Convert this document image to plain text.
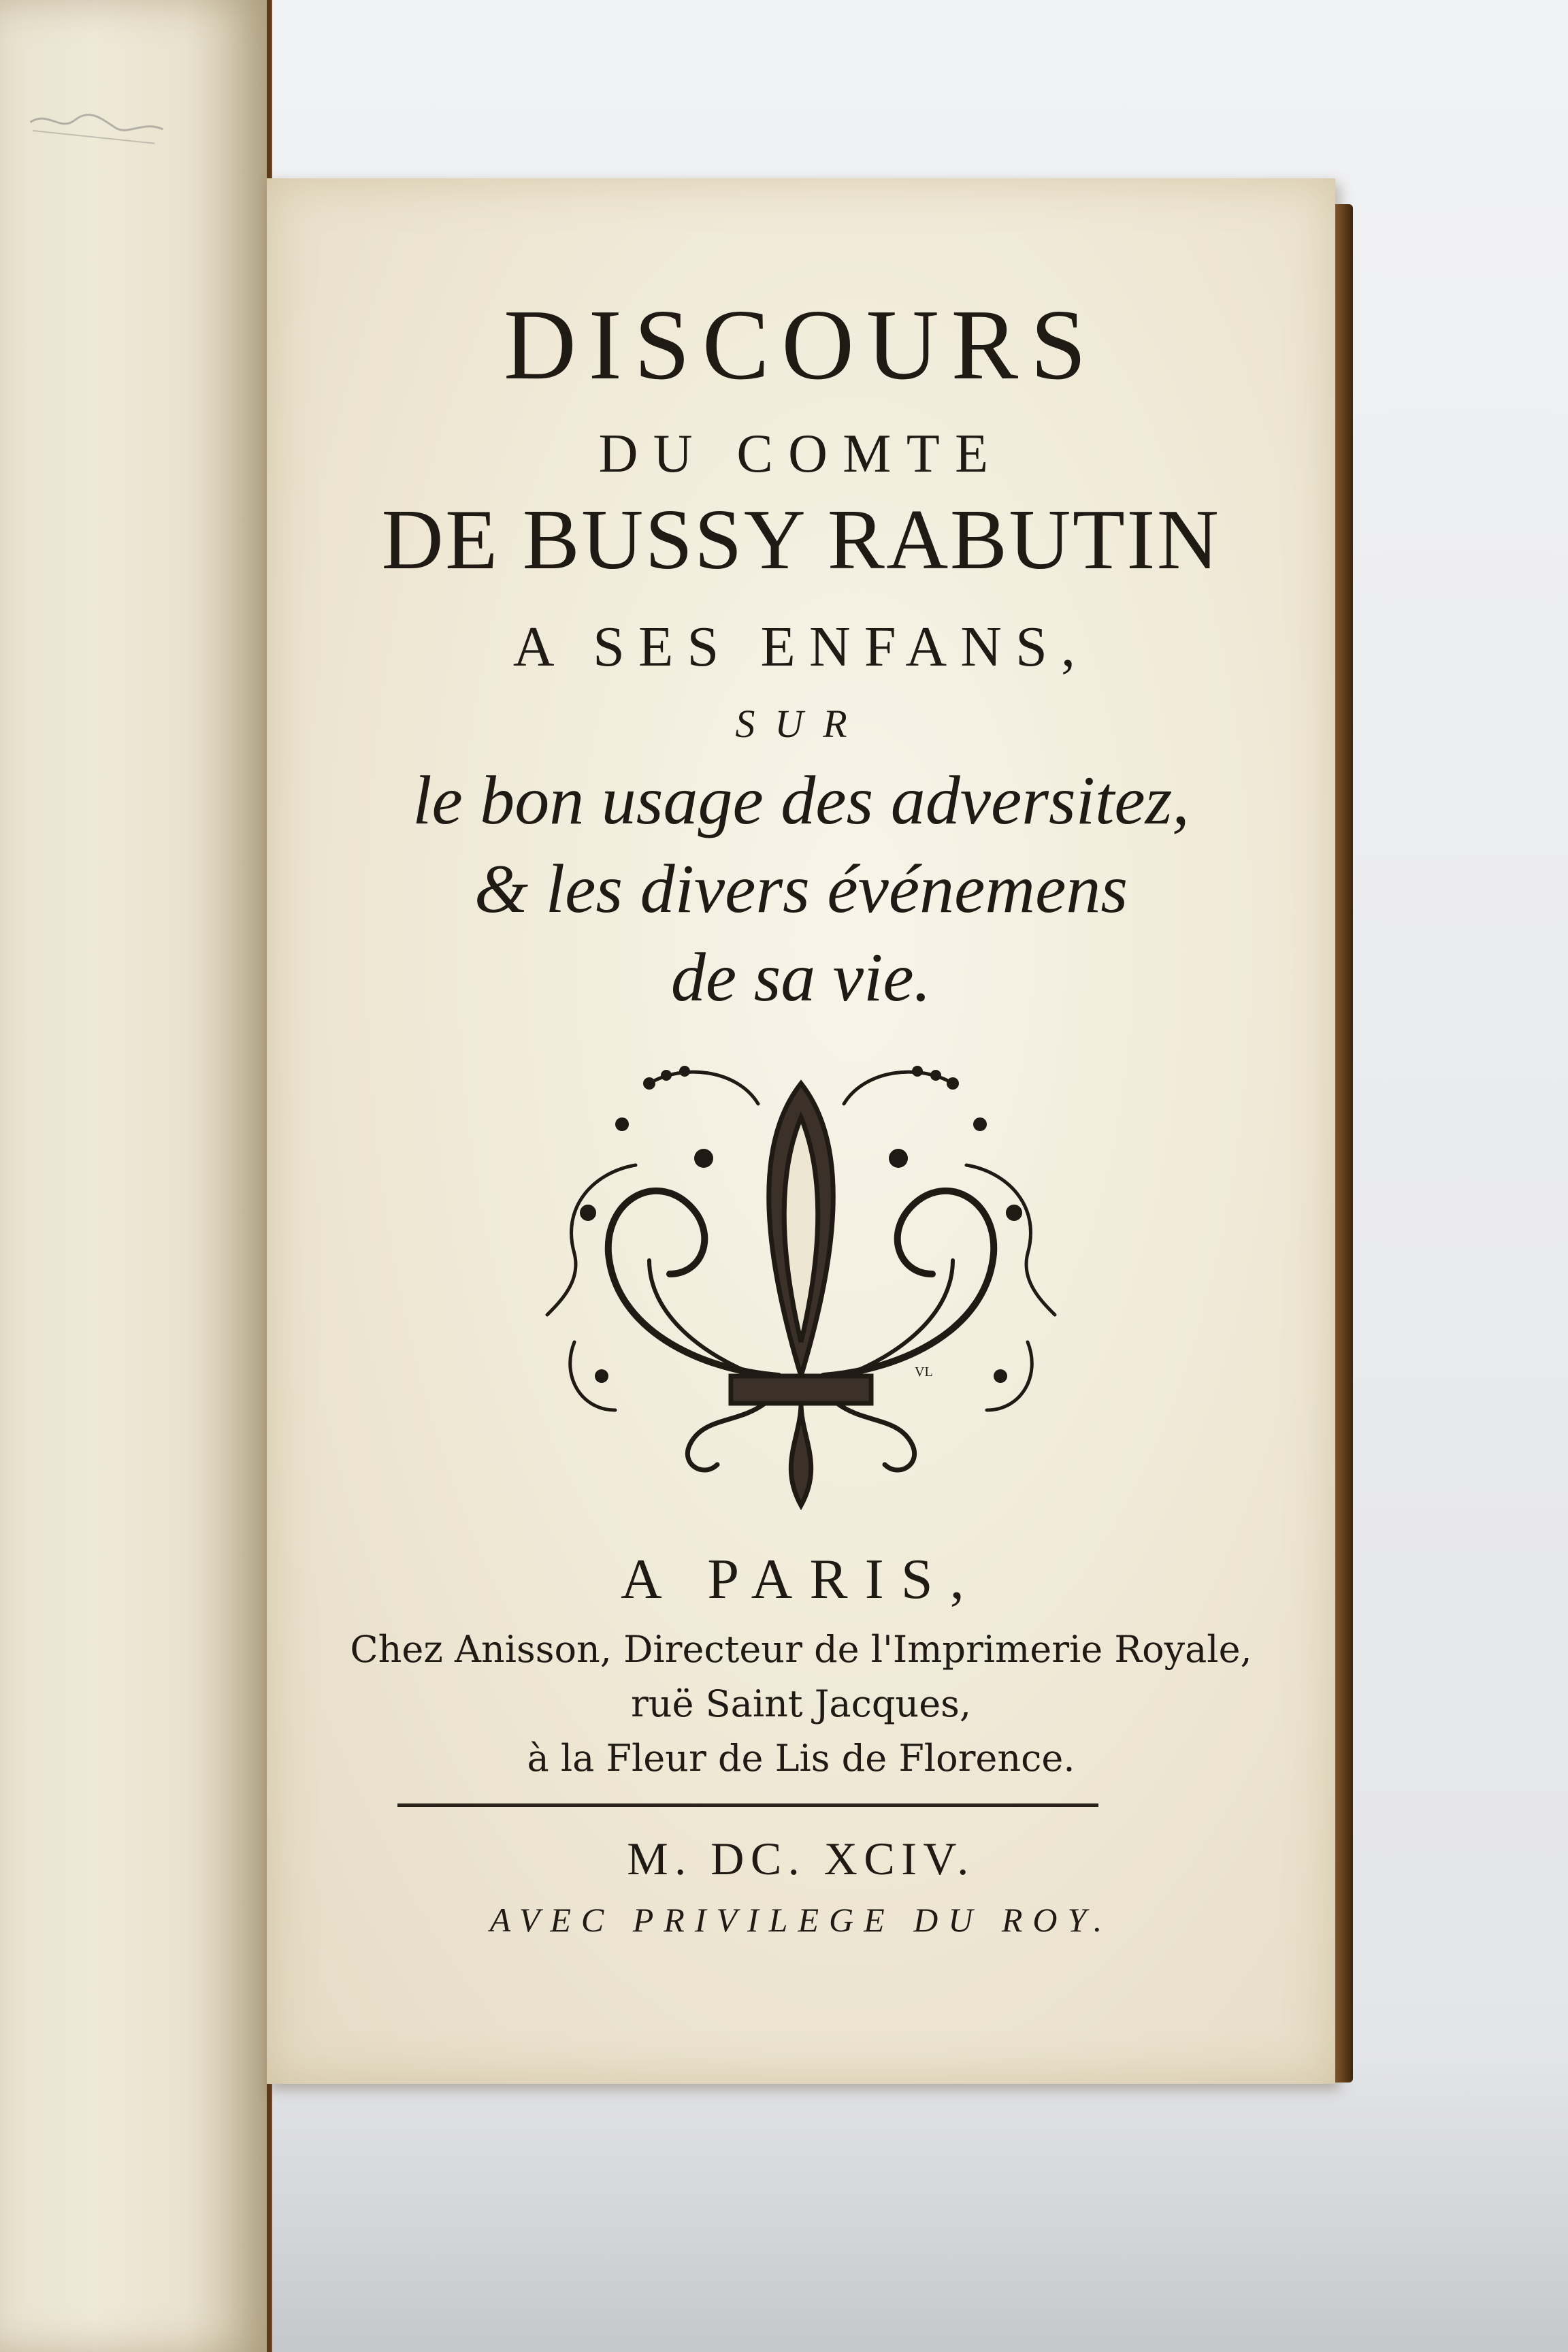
DISCOURS
DU COMTE
DE BUSSY RABUTIN
A SES ENFANS,
SUR
le bon usage des adversitez,
& les divers événemens
de sa vie.
VL
A PARIS,
Chez Anisson, Directeur de l'Imprimerie Royale,
ruë Saint Jacques,
à la Fleur de Lis de Florence.
M. DC. XCIV.
AVEC PRIVILEGE DU ROY.
